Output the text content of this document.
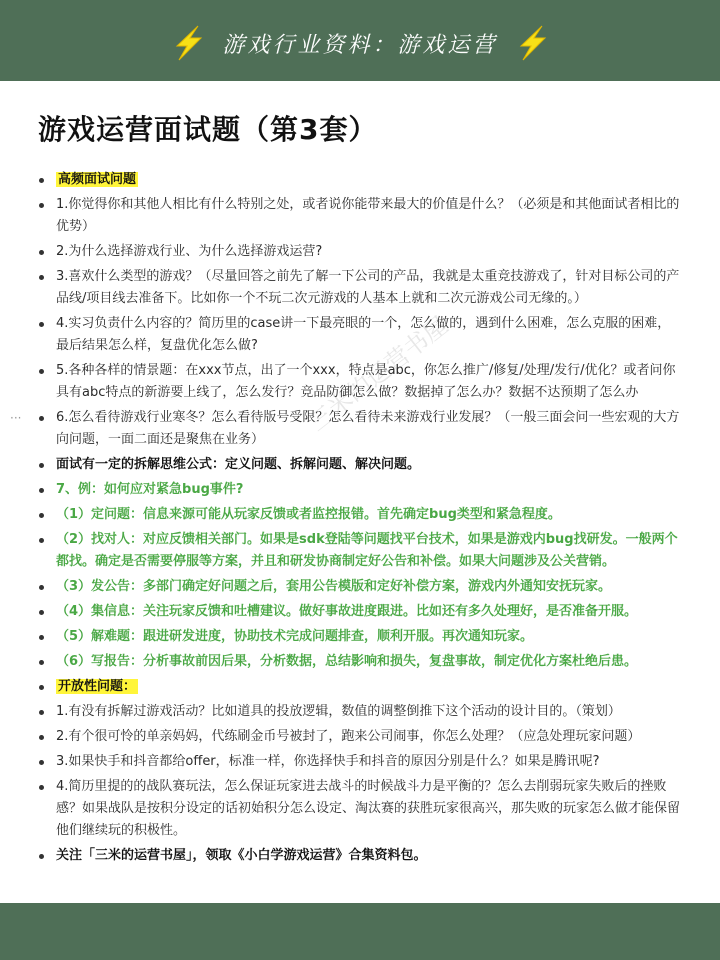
游戏行业资料：游戏运营
游戏运营面试题（第3套）
···	三米的运营书屋
高频面试问题
1.你觉得你和其他人相比有什么特别之处，或者说你能带来最大的价值是什么？（必须是和其他面试者相比的优势）
2.为什么选择游戏行业、为什么选择游戏运营?
3.喜欢什么类型的游戏？（尽量回答之前先了解一下公司的产品，我就是太重竞技游戏了，针对目标公司的产品线/项目线去准备下。比如你一个不玩二次元游戏的人基本上就和二次元游戏公司无缘的。）
4.实习负责什么内容的？简历里的case讲一下最亮眼的一个，怎么做的，遇到什么困难，怎么克服的困难，最后结果怎么样，复盘优化怎么做?
5.各种各样的情景题：在xxx节点，出了一个xxx，特点是abc，你怎么推广/修复/处理/发行/优化？或者问你具有abc特点的新游要上线了，怎么发行？竞品防御怎么做？数据掉了怎么办？数据不达预期了怎么办
6.怎么看待游戏行业寒冬？怎么看待版号受限？怎么看待未来游戏行业发展？（一般三面会问一些宏观的大方向问题，一面二面还是聚焦在业务）
面试有一定的拆解思维公式：定义问题、拆解问题、解决问题。
7、例：如何应对紧急bug事件?
（1）定问题：信息来源可能从玩家反馈或者监控报错。首先确定bug类型和紧急程度。
（2）找对人：对应反馈相关部门。如果是sdk登陆等问题找平台技术，如果是游戏内bug找研发。一般两个都找。确定是否需要停服等方案，并且和研发协商制定好公告和补偿。如果大问题涉及公关营销。
（3）发公告：多部门确定好问题之后，套用公告模版和定好补偿方案，游戏内外通知安抚玩家。
（4）集信息：关注玩家反馈和吐槽建议。做好事故进度跟进。比如还有多久处理好，是否准备开服。
（5）解难题：跟进研发进度，协助技术完成问题排查，顺利开服。再次通知玩家。
（6）写报告：分析事故前因后果，分析数据，总结影响和损失，复盘事故，制定优化方案杜绝后患。
开放性问题：
1.有没有拆解过游戏活动？比如道具的投放逻辑，数值的调整倒推下这个活动的设计目的。（策划）
2.有个很可怜的单亲妈妈，代练刷金币号被封了，跑来公司闹事，你怎么处理？（应急处理玩家问题）
3.如果快手和抖音都给offer，标准一样，你选择快手和抖音的原因分别是什么？如果是腾讯呢?
4.简历里提的的战队赛玩法，怎么保证玩家进去战斗的时候战斗力是平衡的？怎么去削弱玩家失败后的挫败感？如果战队是按积分设定的话初始积分怎么设定、淘汰赛的获胜玩家很高兴，那失败的玩家怎么做才能保留他们继续玩的积极性。
关注「三米的运营书屋」，领取《小白学游戏运营》合集资料包。
